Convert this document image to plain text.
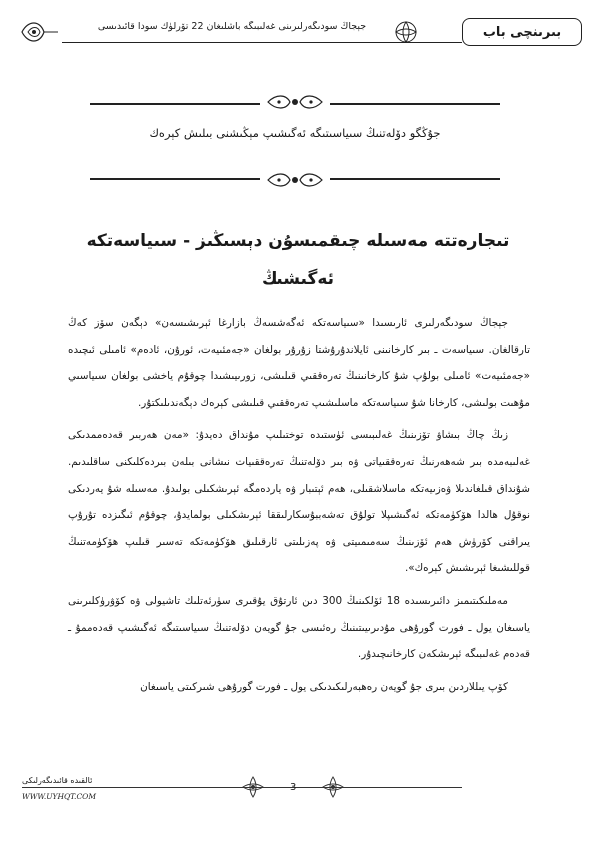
جېجاڭ سودىگەرلىرىنى غەلىبىگە باشلىغان 22 تۆرلۈك سودا قائىدىسى	بىرىنچى باب
جۇڭگو دۆلەتنىڭ سىياسىتىگە ئەگىشىپ مېڭىشنى بىلىش كېرەك
تىجارەتتە مەسىلە چىقمىسۇن دېسىڭىز - سىياسەتكە ئەگىشىڭ

جېجاڭ سودىگەرلىرى ئارىسىدا «سىياسەتكە ئەگەشسەڭ بازارغا ئېرىشىسەن» دېگەن سۆز كەڭ تارقالغان. سىياسەت ـ بىر كارخانىنى ئايلاندۇرۇشتا زۇرۇر بولغان «جەمئىيەت، ئورۇن، ئادەم» ئامىلى ئىچىدە «جەمئىيەت» ئامىلى بولۇپ شۇ كارخانىنىڭ تەرەققىي قىلىشى، زورىيىشىدا چوقۇم ياخشى بولغان سىياسىي مۇھىت بولىشى، كارخانا شۇ سىياسەتكە ماسلىشىپ تەرەققىي قىلىشى كېرەك دېگەندىلىكتۇر.

زىڭ چاڭ بىشاۋ تۆزىنىڭ غەلىبىسى ئۈستىدە توختىلىپ مۇنداق دەيدۇ: «مەن ھەربىر قەدەممدىكى غەلىبەمدە بىر شەھەرنىڭ تەرەققىياتى ۋە بىر دۆلەتنىڭ تەرەققىيات نىشانى بىلەن بىردەكلىكنى ساقلىدىم. شۇنداق قىلغاندىلا ۋەزىيەتكە ماسلاشقىلى، ھەم ئېتىبار ۋە ياردەمگە ئېرىشكىلى بولىدۇ. مەسىلە شۇ يەردىكى نوقۇل ھالدا ھۆكۈمەتكە ئەگىشىپلا تولۇق تەشەببۇسكارلىققا ئېرىشكىلى بولمايدۇ، چوقۇم ئىگىزدە تۇرۇپ يىراقنى كۆرۈش ھەم ئۆزىنىڭ سەمىمىيتى ۋە پەزىلىتى ئارقىلىق ھۆكۈمەتكە تەسىر قىلىپ ھۆكۈمەتنىڭ قوللىشىغا ئېرىشىش كېرەك».

مەملىكىتىمىز دائىرىسىدە 18 ئۆلكىنىڭ 300 دىن ئارتۇق يۇقىرى سۈرئەتلىك تاشيولى ۋە كۆۋرۈكلىرىنى ياسىغان يول ـ فورت گورۇھى مۇدىرىيىتىنىڭ رەئىسى جۇ گويەن دۆلەتنىڭ سىياسىتىگە ئەگىشىپ قەدەممۇ ـ قەدەم غەلىبىگە ئېرىشكەن كارخانىچىدۇر.

كۆپ يىللاردىن بىرى جۇ گويەن رەھبەرلىكىدىكى يول ـ فورت گورۇھى شىركىتى ياسىغان

ئالقىدە قائىدىگەرلىكى
WWW.UYHQT.COM
3
